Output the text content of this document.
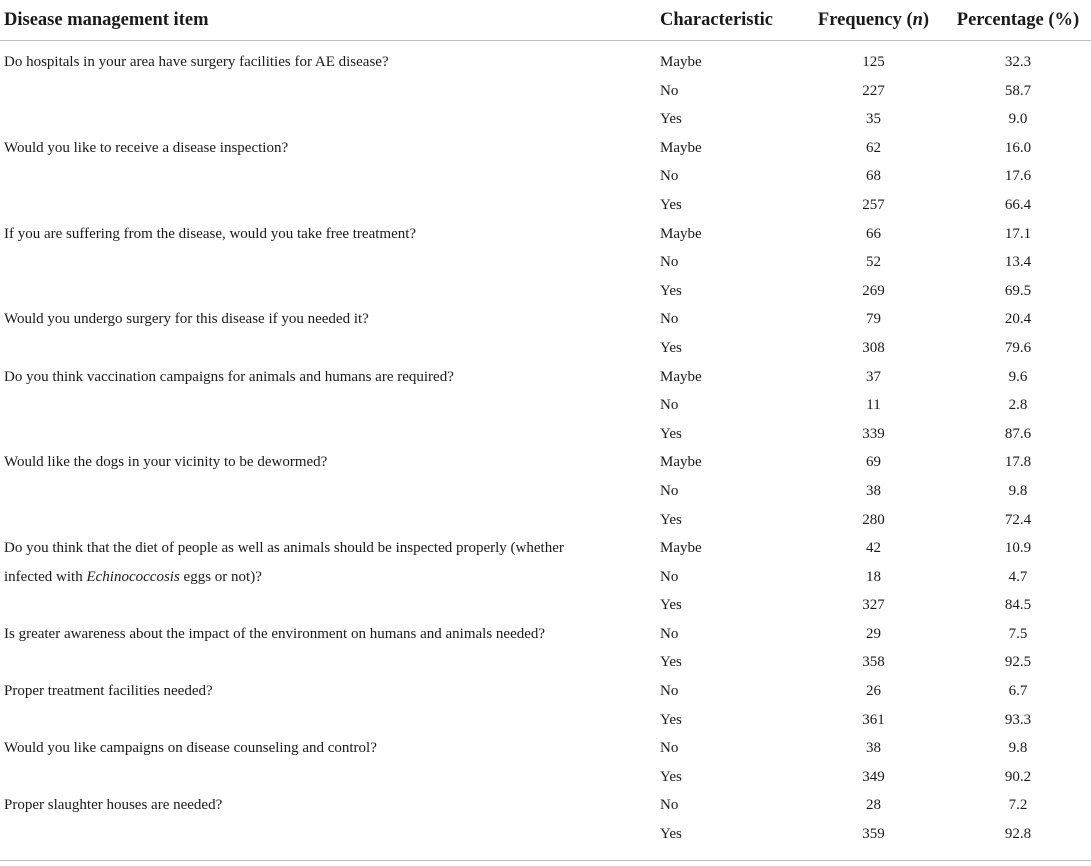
Disease management item	Characteristic	Frequency (n)	Percentage (%)

Do hospitals in your area have surgery facilities for AE disease?	Maybe	125	32.3
	No	227	58.7
	Yes	35	9.0
Would you like to receive a disease inspection?	Maybe	62	16.0
	No	68	17.6
	Yes	257	66.4
If you are suffering from the disease, would you take free treatment?	Maybe	66	17.1
	No	52	13.4
	Yes	269	69.5
Would you undergo surgery for this disease if you needed it?	No	79	20.4
	Yes	308	79.6
Do you think vaccination campaigns for animals and humans are required?	Maybe	37	9.6
	No	11	2.8
	Yes	339	87.6
Would like the dogs in your vicinity to be dewormed?	Maybe	69	17.8
	No	38	9.8
	Yes	280	72.4
Do you think that the diet of people as well as animals should be inspected properly (whether
infected with Echinococcosis eggs or not)?	Maybe	42	10.9
	No	18	4.7
	Yes	327	84.5
Is greater awareness about the impact of the environment on humans and animals needed?	No	29	7.5
	Yes	358	92.5
Proper treatment facilities needed?	No	26	6.7
	Yes	361	93.3
Would you like campaigns on disease counseling and control?	No	38	9.8
	Yes	349	90.2
Proper slaughter houses are needed?	No	28	7.2
	Yes	359	92.8
